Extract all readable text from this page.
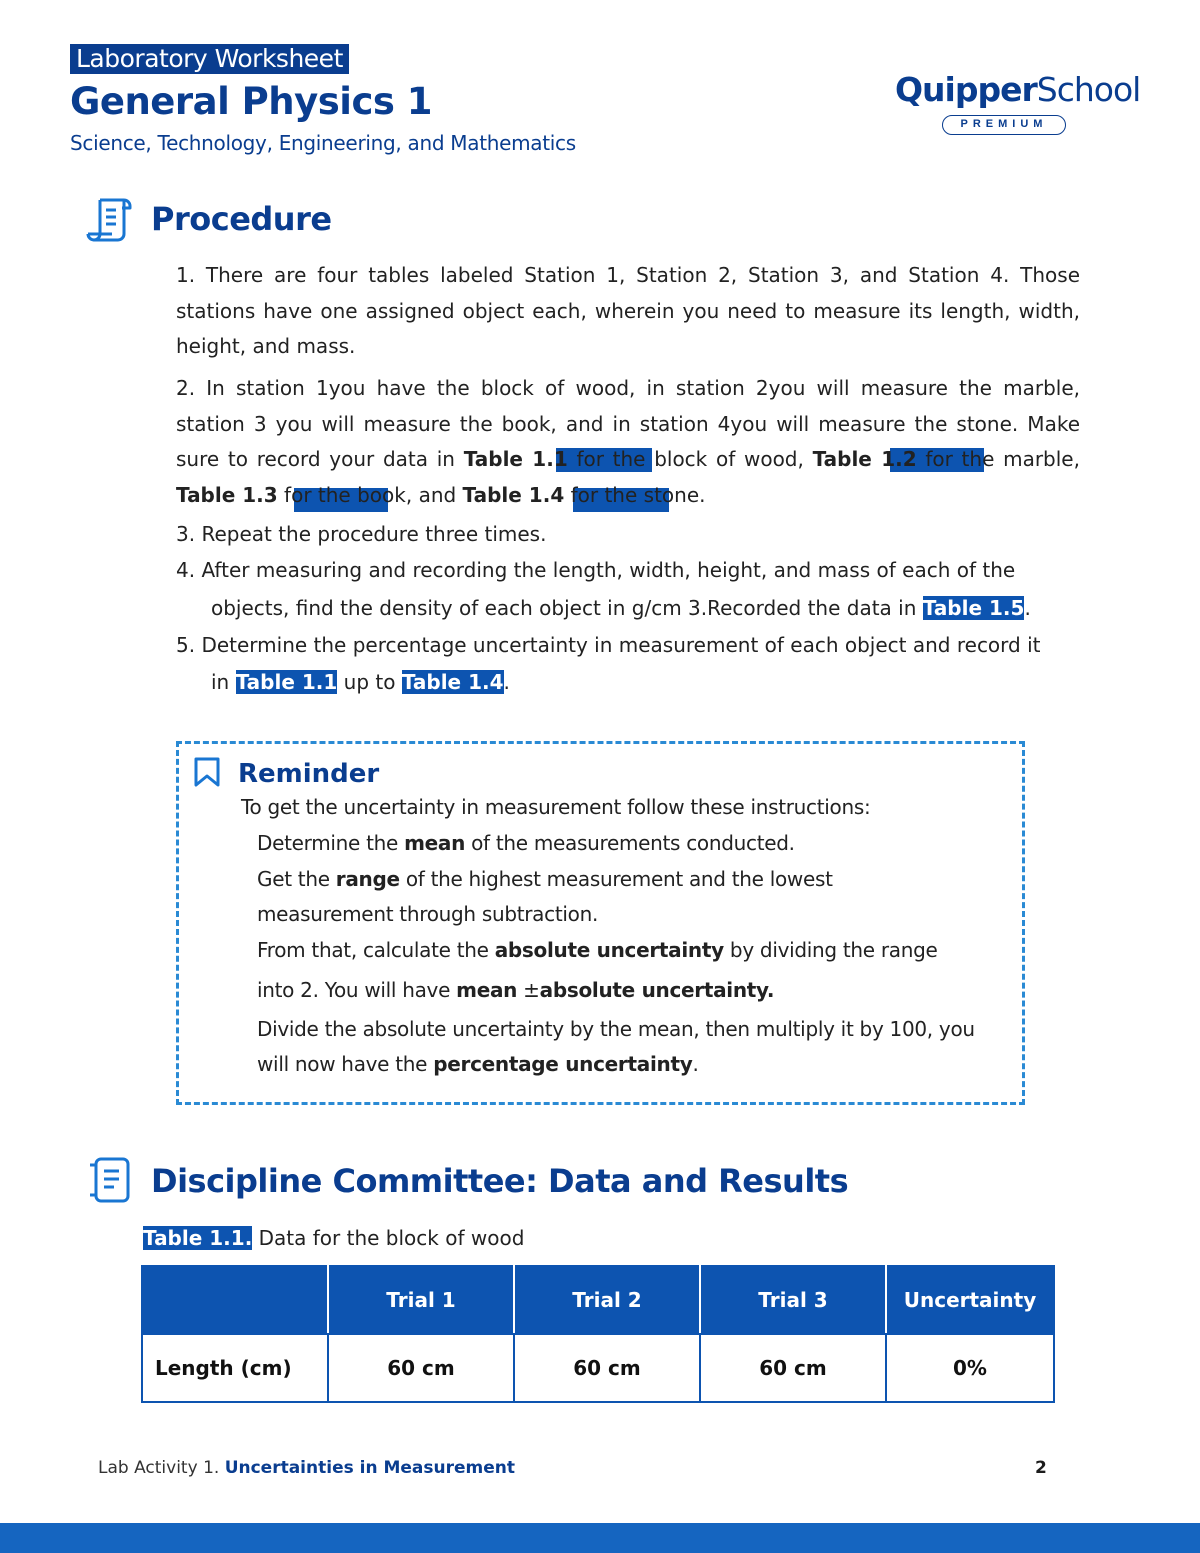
Laboratory Worksheet
General Physics 1
Science, Technology, Engineering, and Mathematics
QuipperSchool
PREMIUM
Procedure
1. There are four tables labeled Station 1, Station 2, Station 3, and Station 4. Those stations have one assigned object each, wherein you need to measure its length, width, height, and mass.
2. In station 1you have the block of wood, in station 2you will measure the marble, station 3 you will measure the book, and in station 4you will measure the stone. Make sure to record your data in Table 1.1 for the block of wood, Table 1.2 for the marble, Table 1.3 for the book, and Table 1.4 for the stone.
3. Repeat the procedure three times.
4. After measuring and recording the length, width, height, and mass of each of the
objects, find the density of each object in g/cm 3.Recorded the data in Table 1.5.
5. Determine the percentage uncertainty in measurement of each object and record it
in Table 1.1 up to Table 1.4.
Reminder
To get the uncertainty in measurement follow these instructions:
Determine the mean of the measurements conducted.
Get the range of the highest measurement and the lowest
measurement through subtraction.
From that, calculate the absolute uncertainty by dividing the range
into 2. You will have mean ±absolute uncertainty.
Divide the absolute uncertainty by the mean, then multiply it by 100, you
will now have the percentage uncertainty.
Discipline Committee: Data and Results
Table 1.1. Data for the block of wood
	Trial 1	Trial 2	Trial 3	Uncertainty
Length (cm)	60 cm	60 cm	60 cm	0%
Lab Activity 1. Uncertainties in Measurement	2
